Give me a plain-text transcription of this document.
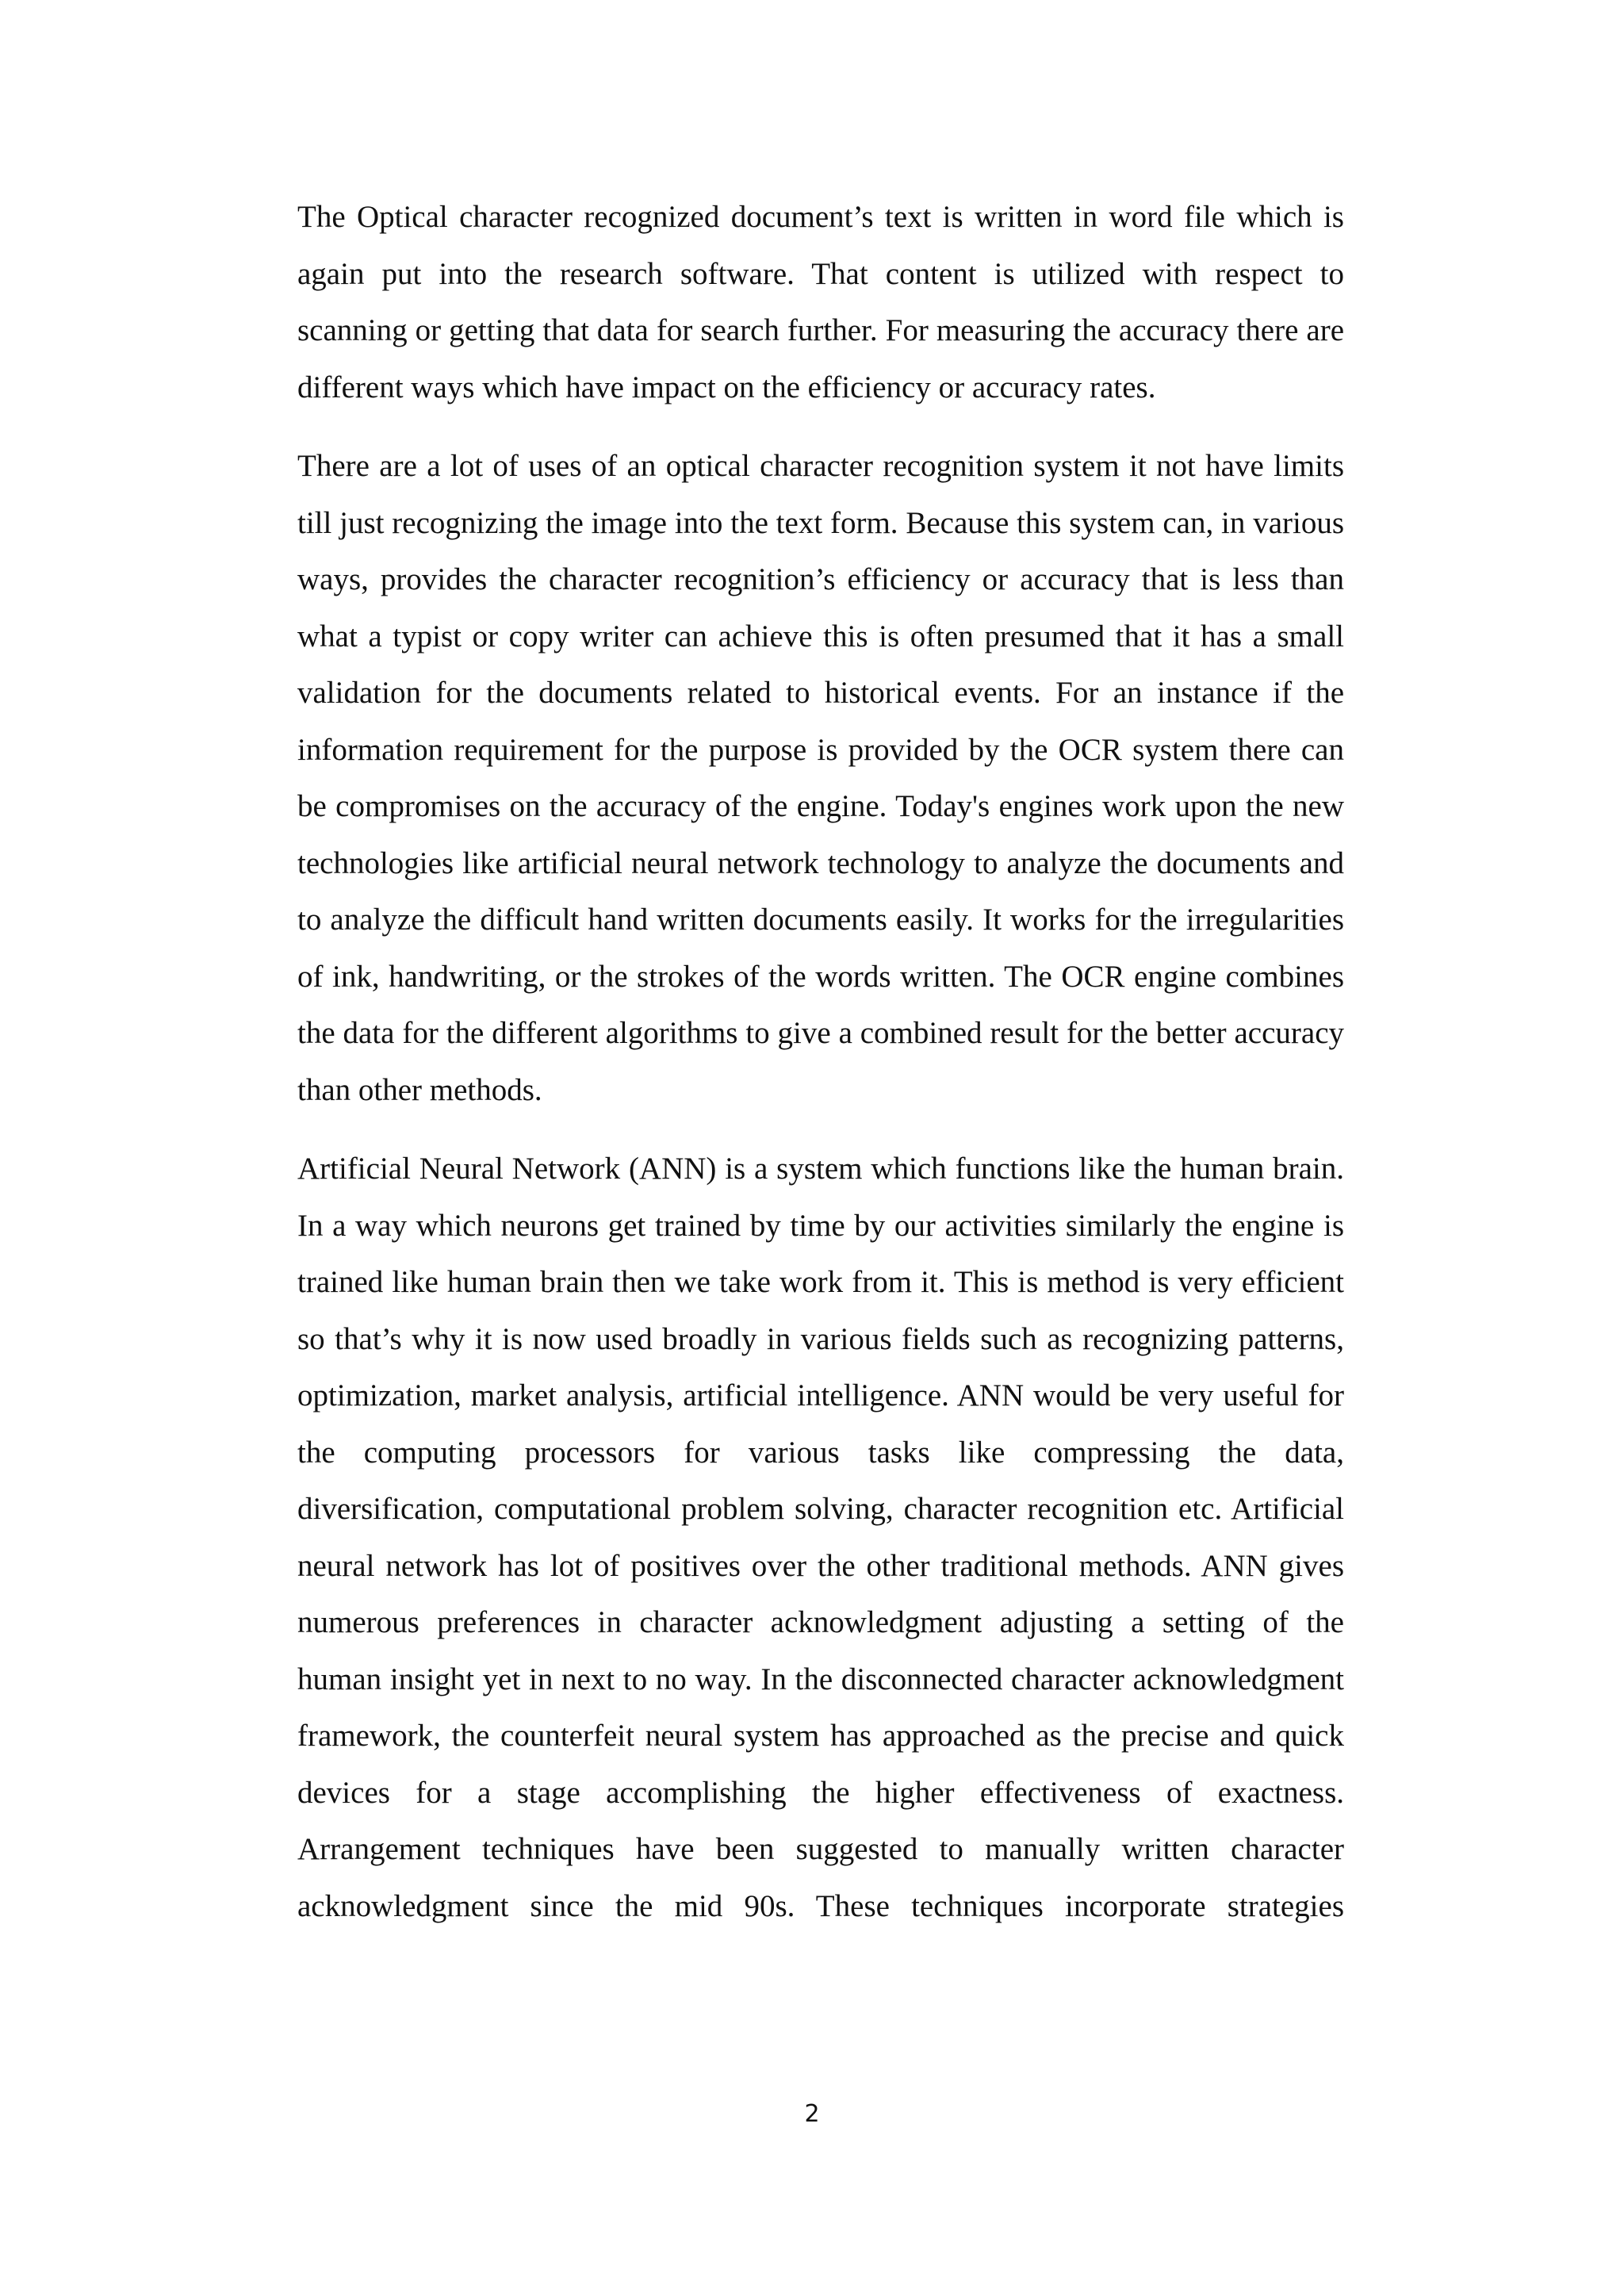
The Optical character recognized document’s text is written in word file which is again put into the research software. That content is utilized with respect to scanning or getting that data for search further. For measuring the accuracy there are different ways which have impact on the efficiency or accuracy rates.

There are a lot of uses of an optical character recognition system it not have limits till just recognizing the image into the text form. Because this system can, in various ways, provides the character recognition’s efficiency or accuracy that is less than what a typist or copy writer can achieve this is often presumed that it has a small validation for the documents related to historical events. For an instance if the information requirement for the purpose is provided by the OCR system there can be compromises on the accuracy of the engine. Today's engines work upon the new technologies like artificial neural network technology to analyze the documents and to analyze the difficult hand written documents easily. It works for the irregularities of ink, handwriting, or the strokes of the words written. The OCR engine combines the data for the different algorithms to give a combined result for the better accuracy than other methods.

Artificial Neural Network (ANN) is a system which functions like the human brain. In a way which neurons get trained by time by our activities similarly the engine is trained like human brain then we take work from it. This is method is very efficient so that’s why it is now used broadly in various fields such as recognizing patterns, optimization, market analysis, artificial intelligence. ANN would be very useful for the computing processors for various tasks like compressing the data, diversification, computational problem solving, character recognition etc. Artificial neural network has lot of positives over the other traditional methods. ANN gives numerous preferences in character acknowledgment adjusting a setting of the human insight yet in next to no way. In the disconnected character acknowledgment framework, the counterfeit neural system has approached as the precise and quick devices for a stage accomplishing the higher effectiveness of exactness. Arrangement techniques have been suggested to manually written character acknowledgment since the mid 90s. These techniques incorporate strategies

2
